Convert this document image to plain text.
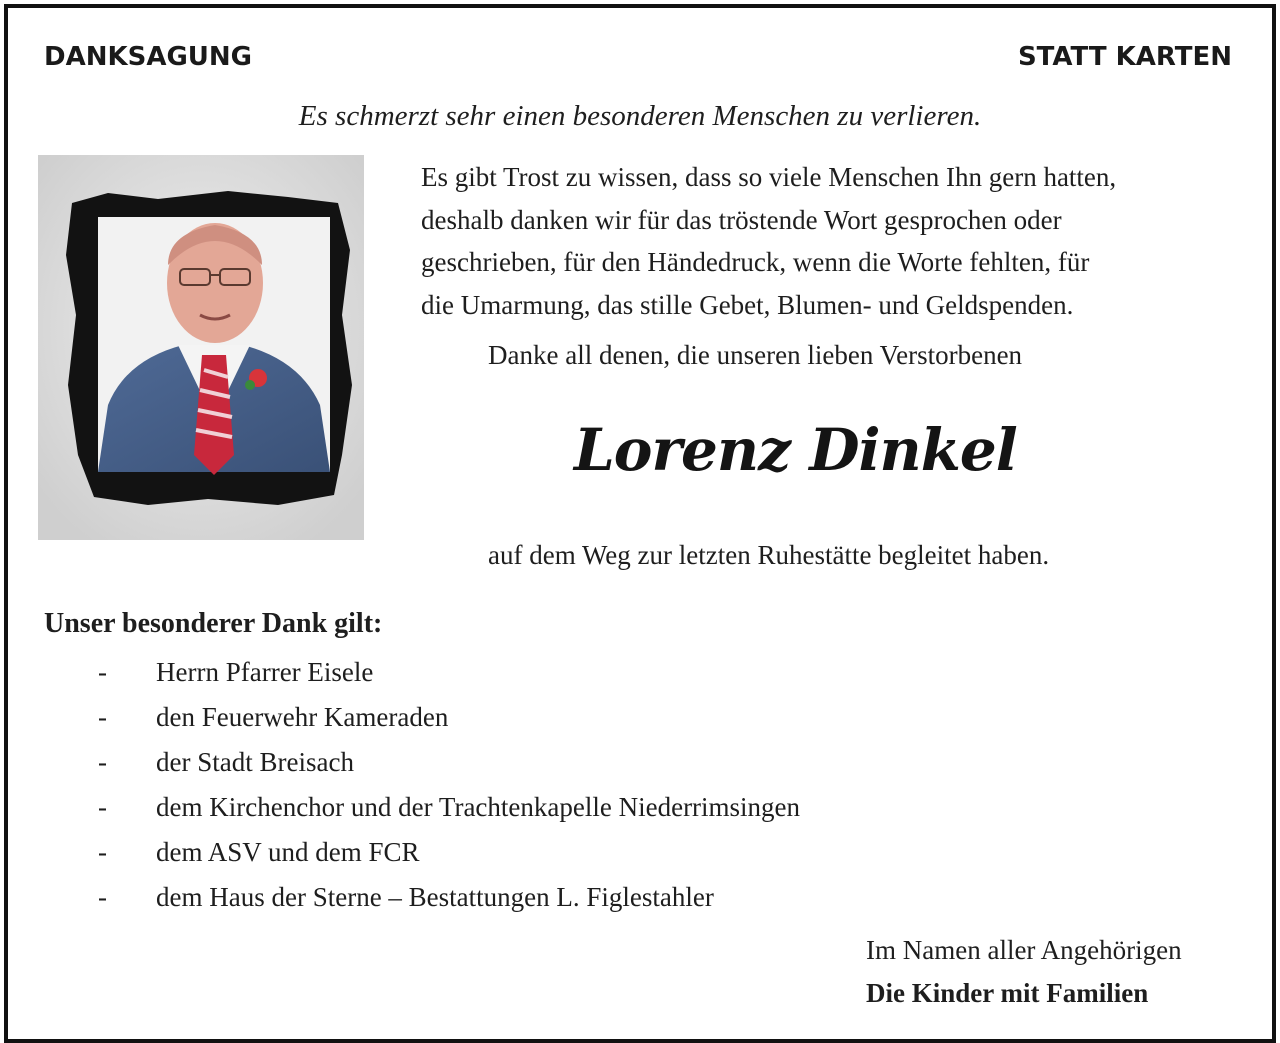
DANKSAGUNG	STATT KARTEN
Es schmerzt sehr einen besonderen Menschen zu verlieren.
Es gibt Trost zu wissen, dass so viele Menschen Ihn gern hatten,
deshalb danken wir für das tröstende Wort gesprochen oder
geschrieben, für den Händedruck, wenn die Worte fehlten, für
die Umarmung, das stille Gebet, Blumen- und Geldspenden.
Danke all denen, die unseren lieben Verstorbenen
Lorenz Dinkel
auf dem Weg zur letzten Ruhestätte begleitet haben.
Unser besonderer Dank gilt:
- Herrn Pfarrer Eisele
- den Feuerwehr Kameraden
- der Stadt Breisach
- dem Kirchenchor und der Trachtenkapelle Niederrimsingen
- dem ASV und dem FCR
- dem Haus der Sterne – Bestattungen L. Figlestahler
Im Namen aller Angehörigen
Die Kinder mit Familien
